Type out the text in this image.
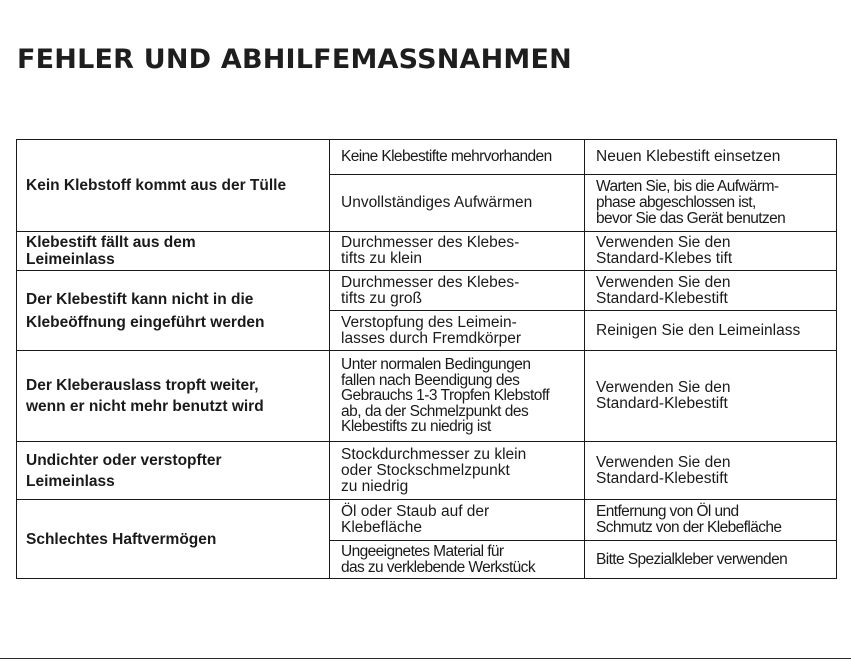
FEHLER UND ABHILFEMASSNAHMEN
Kein Klebstoff kommt aus der Tülle	Keine Klebestifte mehrvorhanden	Neuen Klebestift einsetzen

	Unvollständiges Aufwärmen	Warten Sie, bis die Aufwärm-
phase abgeschlossen ist,
bevor Sie das Gerät benutzen

Klebestift fällt aus dem
Leimeinlass	Durchmesser des Klebes-
tifts zu klein	Verwenden Sie den
Standard-Klebes tift

Der Klebestift kann nicht in die
Klebeöffnung eingeführt werden	Durchmesser des Klebes-
tifts zu groß	Verwenden Sie den
Standard-Klebestift

	Verstopfung des Leimein-
lasses durch Fremdkörper	Reinigen Sie den Leimeinlass

Der Kleberauslass tropft weiter,
wenn er nicht mehr benutzt wird	Unter normalen Bedingungen
fallen nach Beendigung des
Gebrauchs 1-3 Tropfen Klebstoff
ab, da der Schmelzpunkt des
Klebestifts zu niedrig ist	Verwenden Sie den
Standard-Klebestift

Undichter oder verstopfter
Leimeinlass	Stockdurchmesser zu klein
oder Stockschmelzpunkt
zu niedrig	Verwenden Sie den
Standard-Klebestift

Schlechtes Haftvermögen	Öl oder Staub auf der
Klebefläche	Entfernung von Öl und
Schmutz von der Klebefläche

	Ungeeignetes Material für
das zu verklebende Werkstück	Bitte Spezialkleber verwenden
